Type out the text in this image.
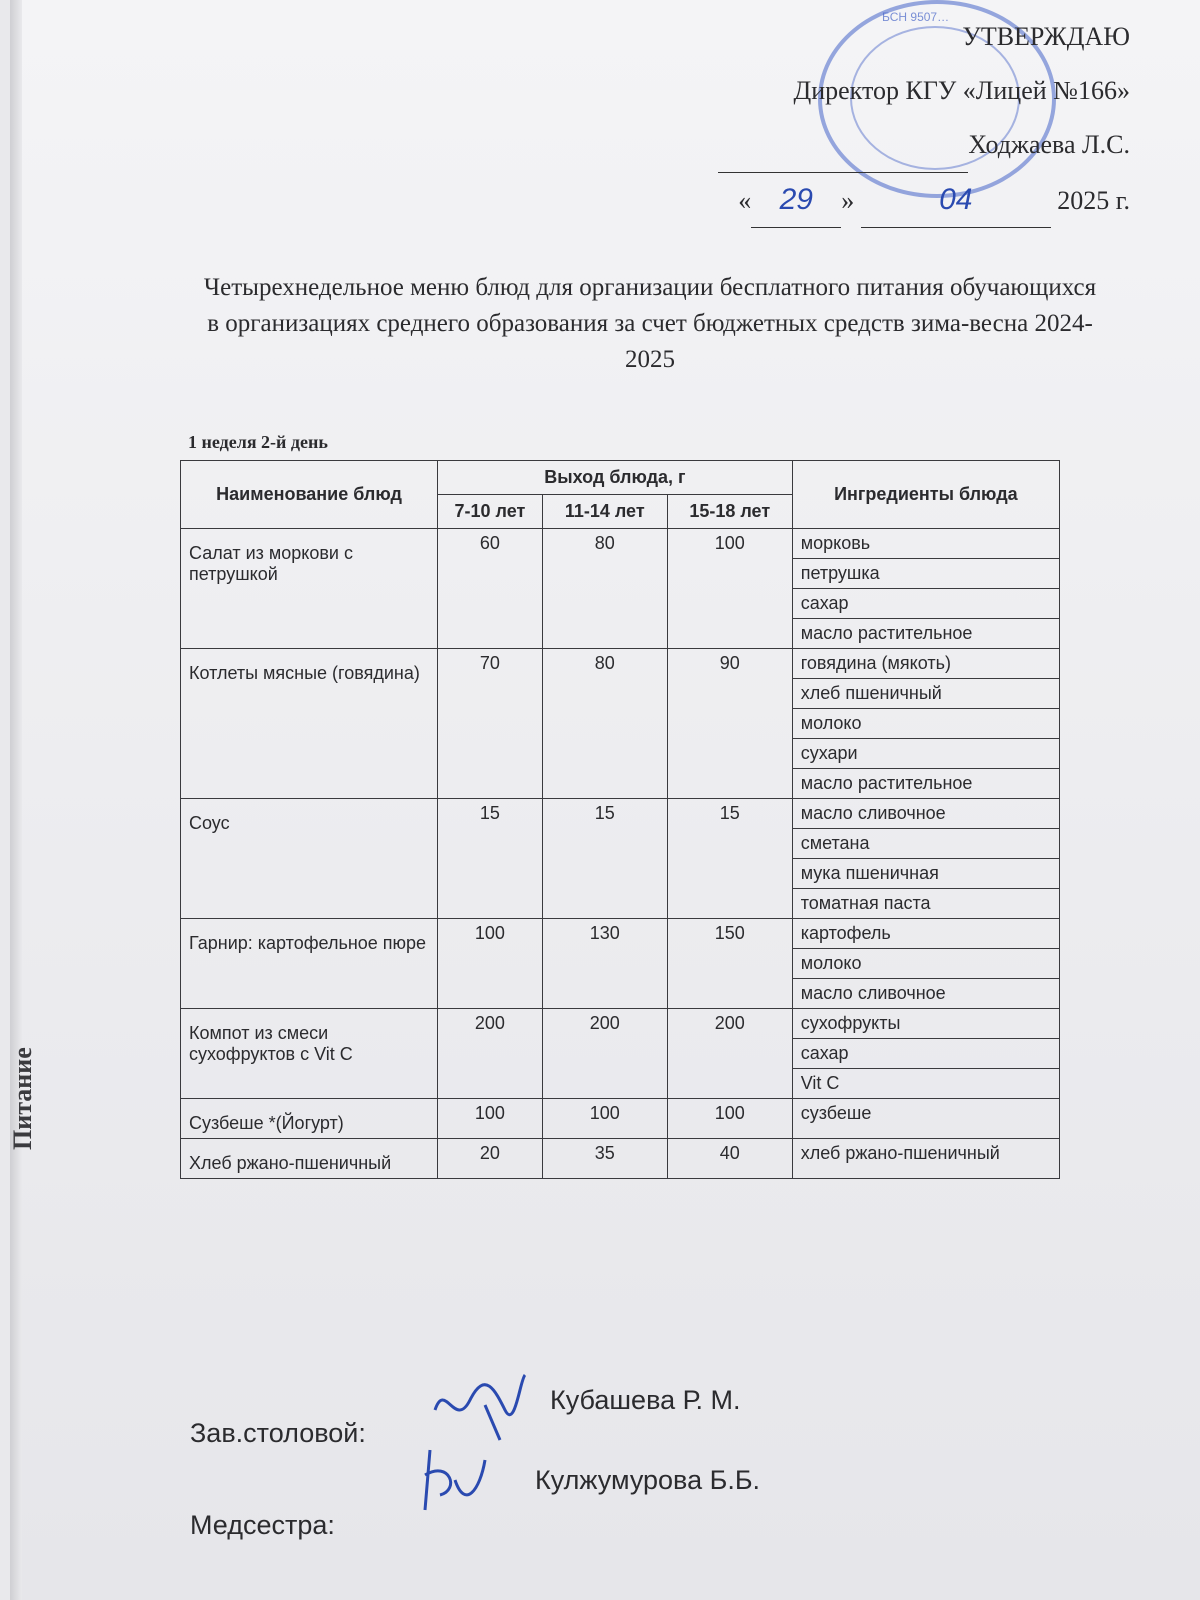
Питание
БСН 9507…
УТВЕРЖДАЮ
Директор КГУ «Лицей №166»
Ходжаева Л.С.
« 29 »	04	2025 г.
Четырехнедельное меню блюд для организации бесплатного питания обучающихся в организациях среднего образования за счет бюджетных средств зима-весна 2024-2025
1 неделя 2-й день
Наименование блюд	Выход блюда, г			Ингредиенты блюда
	7-10 лет	11-14 лет	15-18 лет	
Салат из моркови с петрушкой	60	80	100	морковь
				петрушка
				сахар
				масло растительное
Котлеты мясные (говядина)	70	80	90	говядина (мякоть)
				хлеб пшеничный
				молоко
				сухари
				масло растительное
Соус	15	15	15	масло сливочное
				сметана
				мука пшеничная
				томатная паста
Гарнир: картофельное пюре	100	130	150	картофель
				молоко
				масло сливочное
Компот из смеси сухофруктов с Vit C	200	200	200	сухофрукты
				сахар
				Vit C
Сузбеше *(Йогурт)	100	100	100	сузбеше
Хлеб ржано-пшеничный	20	35	40	хлеб ржано-пшеничный
Зав.столовой:
Кубашева Р. М.
Медсестра:
Кулжумурова Б.Б.
